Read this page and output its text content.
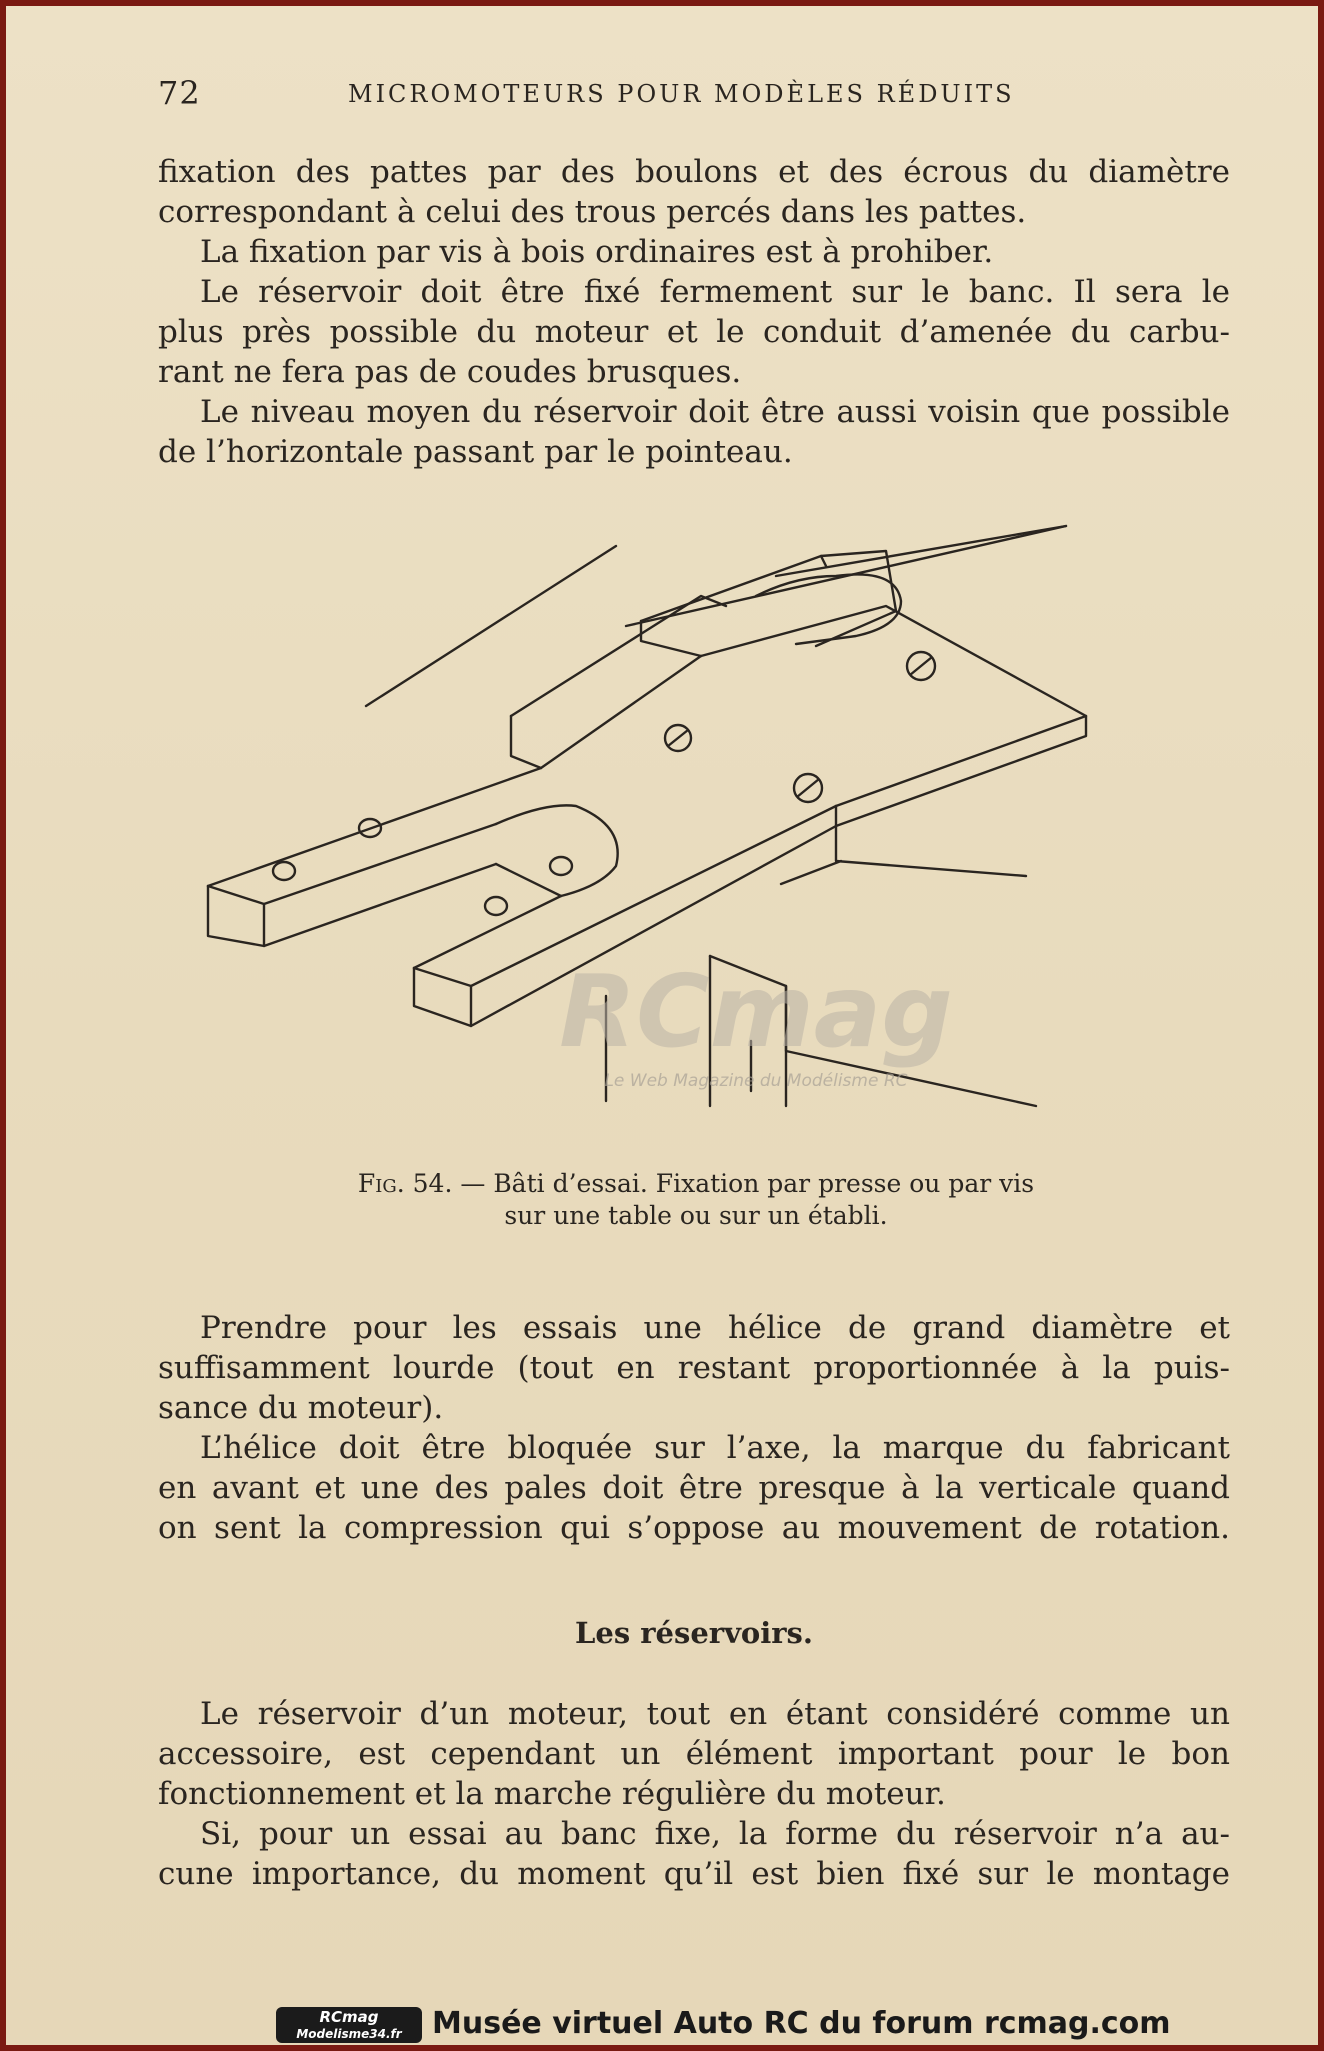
72	MICROMOTEURS POUR MODÈLES RÉDUITS
fixation des pattes par des boulons et des écrous du diamètre
correspondant à celui des trous percés dans les pattes.
La fixation par vis à bois ordinaires est à prohiber.
Le réservoir doit être fixé fermement sur le banc. Il sera le
plus près possible du moteur et le conduit d’amenée du carbu-
rant ne fera pas de coudes brusques.
Le niveau moyen du réservoir doit être aussi voisin que possible
de l’horizontale passant par le pointeau.
RCmag
Le Web Magazine du Modélisme RC
Fig. 54. — Bâti d’essai. Fixation par presse ou par vis
sur une table ou sur un établi.
Prendre pour les essais une hélice de grand diamètre et
suffisamment lourde (tout en restant proportionnée à la puis-
sance du moteur).
L’hélice doit être bloquée sur l’axe, la marque du fabricant
en avant et une des pales doit être presque à la verticale quand
on sent la compression qui s’oppose au mouvement de rotation.
Les réservoirs.
Le réservoir d’un moteur, tout en étant considéré comme un
accessoire, est cependant un élément important pour le bon
fonctionnement et la marche régulière du moteur.
Si, pour un essai au banc fixe, la forme du réservoir n’a au-
cune importance, du moment qu’il est bien fixé sur le montage
RCmag
Modelisme34.fr Musée virtuel Auto RC du forum rcmag.com
